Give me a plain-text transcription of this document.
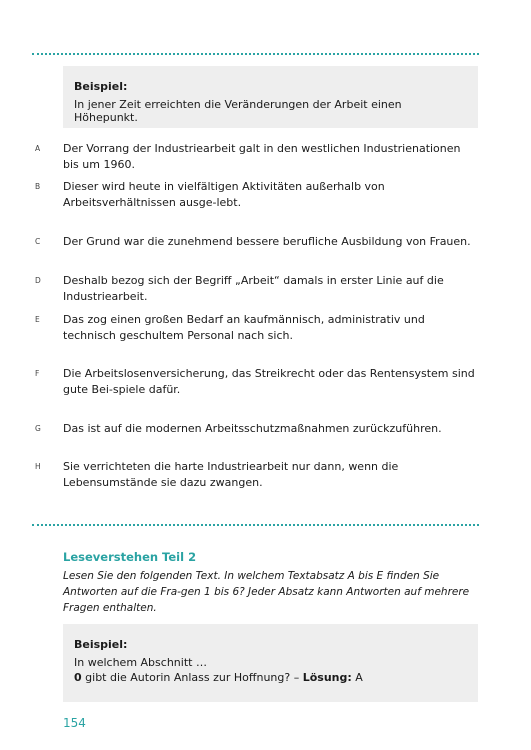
Beispiel:
In jener Zeit erreichten die Veränderungen der Arbeit einen Höhepunkt.
A	Der Vorrang der Industriearbeit galt in den westlichen Industrienationen bis um 1960.
B	Dieser wird heute in vielfältigen Aktivitäten außerhalb von Arbeitsverhältnissen ausge-lebt.
C	Der Grund war die zunehmend bessere berufliche Ausbildung von Frauen.
D	Deshalb bezog sich der Begriff „Arbeit“ damals in erster Linie auf die Industriearbeit.
E	Das zog einen großen Bedarf an kaufmännisch, administrativ und technisch geschultem Personal nach sich.
F	Die Arbeitslosenversicherung, das Streikrecht oder das Rentensystem sind gute Bei-spiele dafür.
G	Das ist auf die modernen Arbeitsschutzmaßnahmen zurückzuführen.
H	Sie verrichteten die harte Industriearbeit nur dann, wenn die Lebensumstände sie dazu zwangen.
Leseverstehen Teil 2
Lesen Sie den folgenden Text. In welchem Textabsatz A bis E finden Sie Antworten auf die Fra-gen 1 bis 6? Jeder Absatz kann Antworten auf mehrere Fragen enthalten.
Beispiel:
In welchem Abschnitt …
0 gibt die Autorin Anlass zur Hoffnung? – Lösung: A
154
